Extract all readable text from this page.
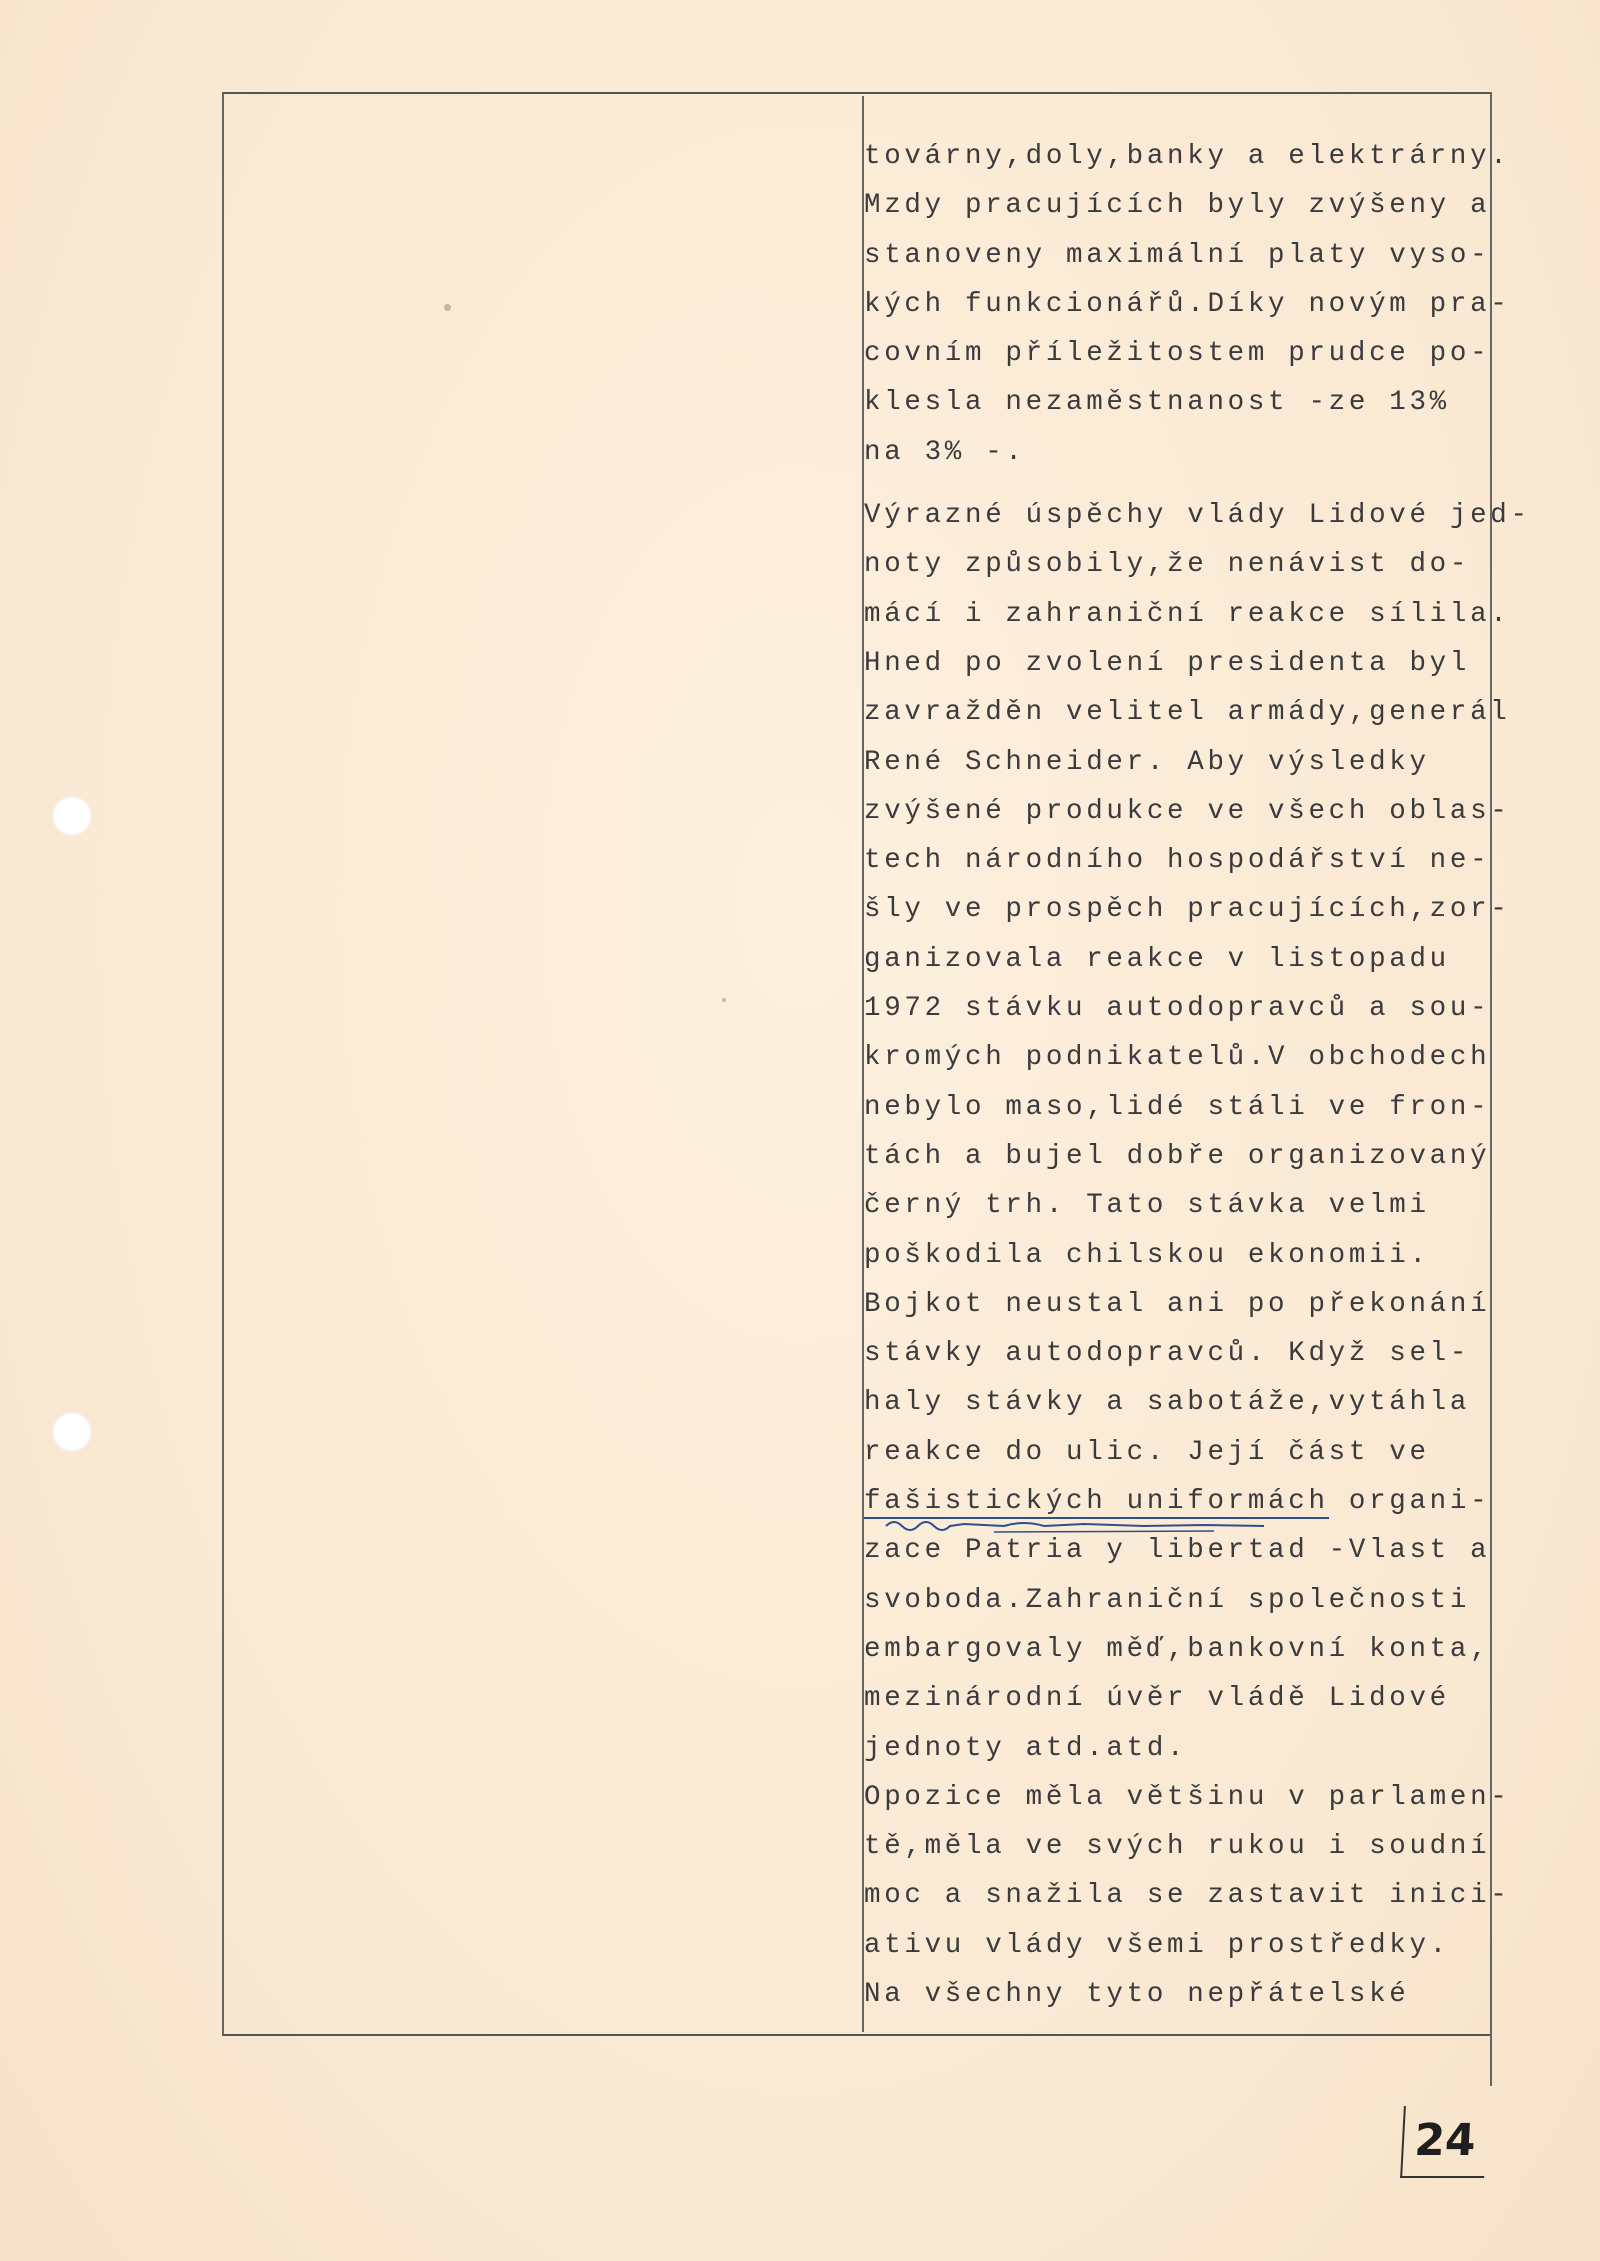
továrny,doly,banky a elektrárny.
Mzdy pracujících byly zvýšeny a
stanoveny maximální platy vyso-
kých funkcionářů.Díky novým pra-
covním příležitostem prudce po-
klesla nezaměstnanost -ze 13%
na 3% -.
Výrazné úspěchy vlády Lidové jed-
noty způsobily,že nenávist do-
mácí i zahraniční reakce sílila.
Hned po zvolení presidenta byl
zavražděn velitel armády,generál
René Schneider. Aby výsledky
zvýšené produkce ve všech oblas-
tech národního hospodářství ne-
šly ve prospěch pracujících,zor-
ganizovala reakce v listopadu
1972 stávku autodopravců a sou-
kromých podnikatelů.V obchodech
nebylo maso,lidé stáli ve fron-
tách a bujel dobře organizovaný
černý trh. Tato stávka velmi
poškodila chilskou ekonomii.
Bojkot neustal ani po překonání
stávky autodopravců. Když sel-
haly stávky a sabotáže,vytáhla
reakce do ulic. Její část ve
fašistických uniformách organi-
zace Patria y libertad -Vlast a
svoboda.Zahraniční společnosti
embargovaly měď,bankovní konta,
mezinárodní úvěr vládě Lidové
jednoty atd.atd.
Opozice měla většinu v parlamen-
tě,měla ve svých rukou i soudní
moc a snažila se zastavit inici-
ativu vlády všemi prostředky.
Na všechny tyto nepřátelské
24
